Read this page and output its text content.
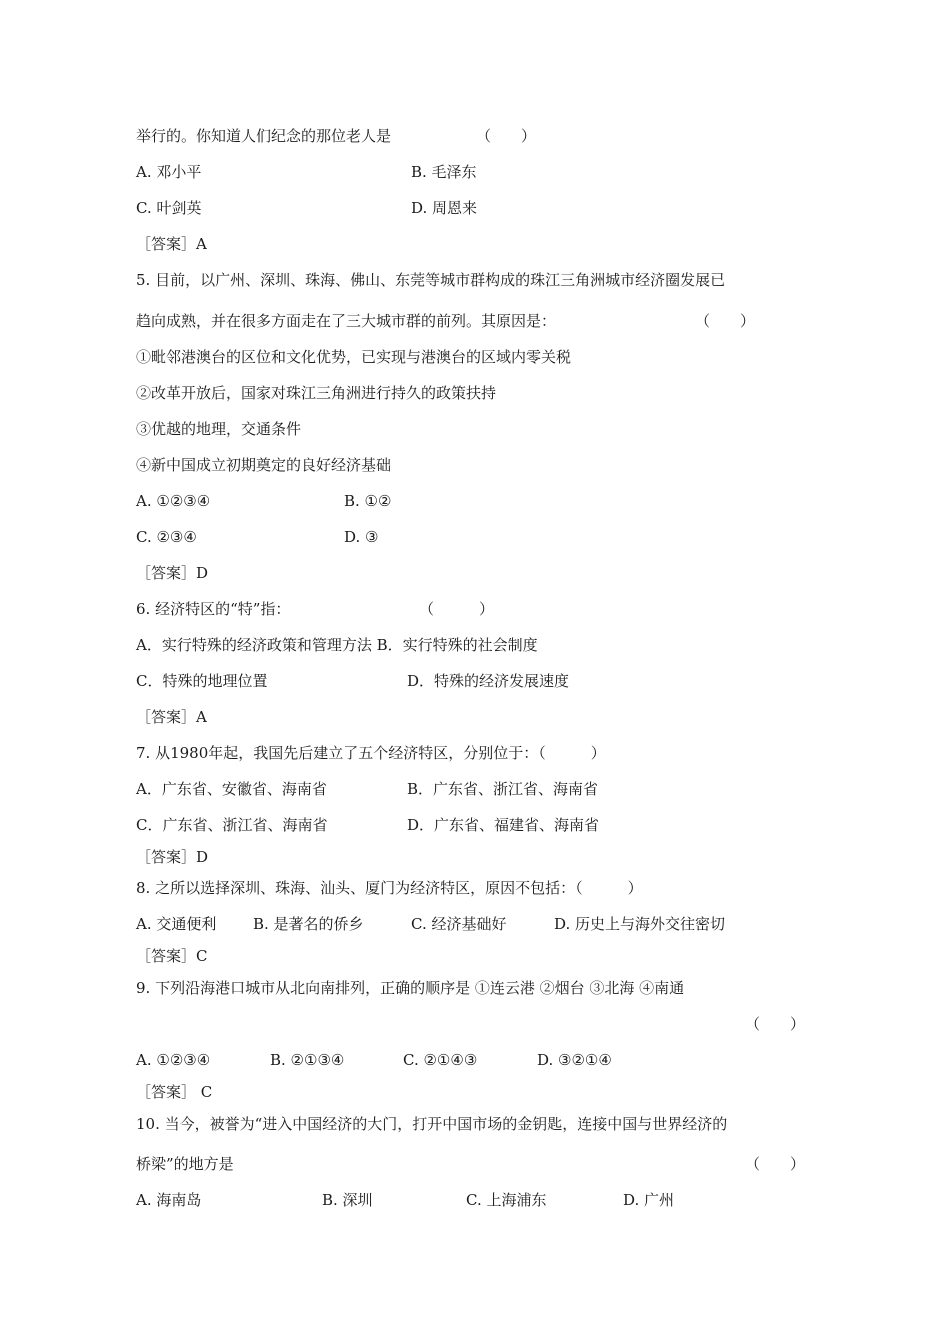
举行的。你知道人们纪念的那位老人是	（　　）
A. 邓小平	B. 毛泽东
C. 叶剑英	D. 周恩来
［答案］A
5. 目前，以广州、深圳、珠海、佛山、东莞等城市群构成的珠江三角洲城市经济圈发展已
趋向成熟，并在很多方面走在了三大城市群的前列。其原因是：	（　　）
①毗邻港澳台的区位和文化优势，已实现与港澳台的区域内零关税
②改革开放后，国家对珠江三角洲进行持久的政策扶持
③优越的地理，交通条件
④新中国成立初期奠定的良好经济基础
A. ①②③④	B. ①②
C. ②③④	D. ③
［答案］D
6. 经济特区的“特”指：	（　　　）
A．实行特殊的经济政策和管理方法 B．实行特殊的社会制度
C．特殊的地理位置	D．特殊的经济发展速度
［答案］A
7. 从1980年起，我国先后建立了五个经济特区，分别位于：（　　　）
A．广东省、安徽省、海南省	B．广东省、浙江省、海南省
C．广东省、浙江省、海南省	D．广东省、福建省、海南省
［答案］D
8. 之所以选择深圳、珠海、汕头、厦门为经济特区，原因不包括：（　　　）
A. 交通便利 B. 是著名的侨乡	C. 经济基础好	D. 历史上与海外交往密切
［答案］C
9. 下列沿海港口城市从北向南排列，正确的顺序是 ①连云港 ②烟台 ③北海 ④南通
（　　）
A. ①②③④	B. ②①③④	C. ②①④③	D. ③②①④
［答案］ C
10. 当今，被誉为“进入中国经济的大门，打开中国市场的金钥匙，连接中国与世界经济的
桥梁”的地方是	（　　）
A. 海南岛	B. 深圳	C. 上海浦东	D. 广州
